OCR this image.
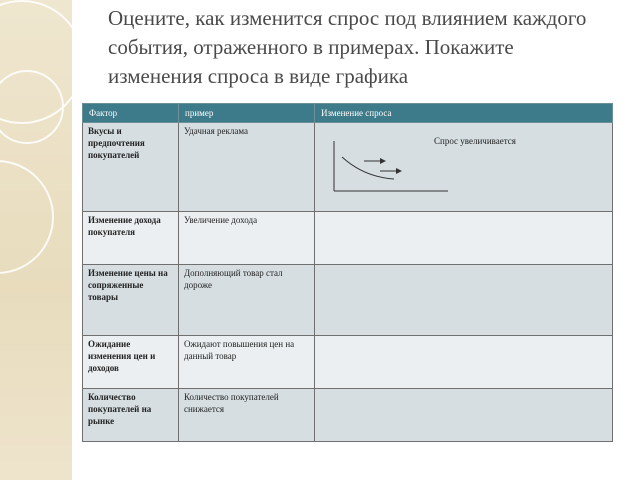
Оцените, как изменится спрос под влиянием каждого события, отраженного в примерах. Покажите изменения спроса в виде графика
Фактор	пример	Изменение спроса
Вкусы и предпочтения покупателей	Удачная реклама	Спрос увеличивается

Изменение дохода покупателя	Увеличение дохода	
Изменение цены на сопряженные товары	Дополняющий товар стал дороже	
Ожидание изменения цен и доходов	Ожидают повышения цен на данный товар	
Количество покупателей на рынке	Количество покупателей снижается	
